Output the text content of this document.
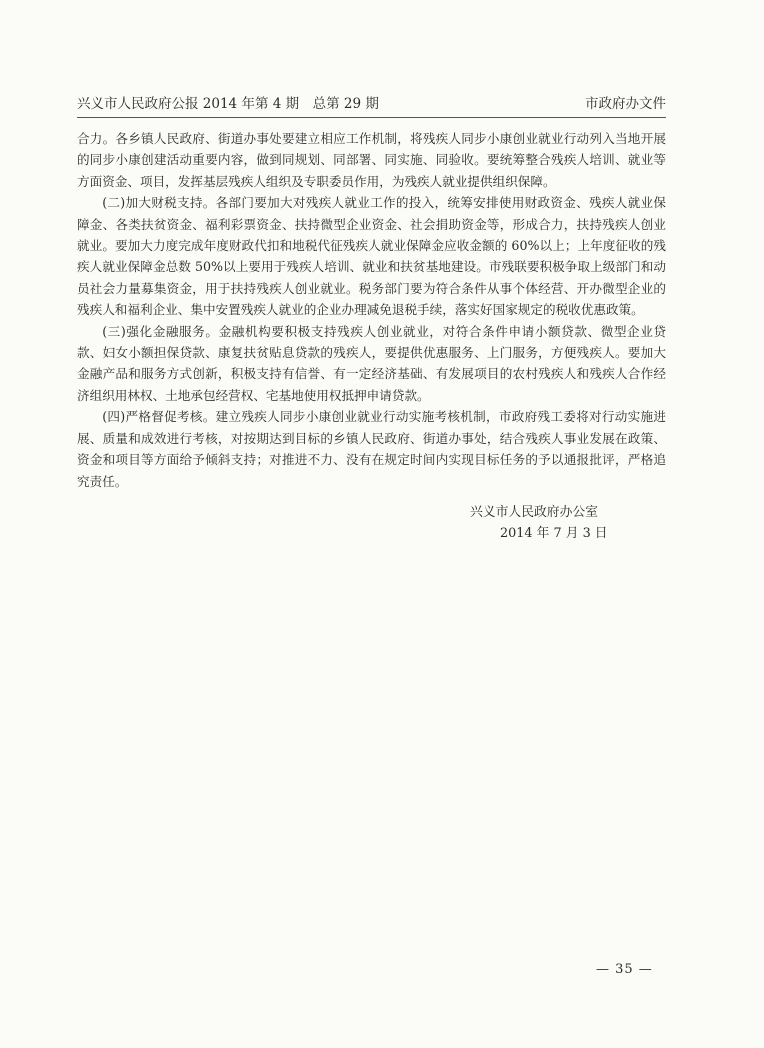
兴义市人民政府公报 2014 年第 4 期　总第 29 期	市政府办文件

合力。各乡镇人民政府、街道办事处要建立相应工作机制，将残疾人同步小康创业就业行动列入当地开展的同步小康创建活动重要内容，做到同规划、同部署、同实施、同验收。要统筹整合残疾人培训、就业等方面资金、项目，发挥基层残疾人组织及专职委员作用，为残疾人就业提供组织保障。

(二)加大财税支持。各部门要加大对残疾人就业工作的投入，统筹安排使用财政资金、残疾人就业保障金、各类扶贫资金、福利彩票资金、扶持微型企业资金、社会捐助资金等，形成合力，扶持残疾人创业就业。要加大力度完成年度财政代扣和地税代征残疾人就业保障金应收金额的 60%以上；上年度征收的残疾人就业保障金总数 50%以上要用于残疾人培训、就业和扶贫基地建设。市残联要积极争取上级部门和动员社会力量募集资金，用于扶持残疾人创业就业。税务部门要为符合条件从事个体经营、开办微型企业的残疾人和福利企业、集中安置残疾人就业的企业办理减免退税手续，落实好国家规定的税收优惠政策。

(三)强化金融服务。金融机构要积极支持残疾人创业就业，对符合条件申请小额贷款、微型企业贷款、妇女小额担保贷款、康复扶贫贴息贷款的残疾人，要提供优惠服务、上门服务，方便残疾人。要加大金融产品和服务方式创新，积极支持有信誉、有一定经济基础、有发展项目的农村残疾人和残疾人合作经济组织用林权、土地承包经营权、宅基地使用权抵押申请贷款。

(四)严格督促考核。建立残疾人同步小康创业就业行动实施考核机制，市政府残工委将对行动实施进展、质量和成效进行考核，对按期达到目标的乡镇人民政府、街道办事处，结合残疾人事业发展在政策、资金和项目等方面给予倾斜支持；对推进不力、没有在规定时间内实现目标任务的予以通报批评，严格追究责任。

兴义市人民政府办公室
2014 年 7 月 3 日
— 35 —
